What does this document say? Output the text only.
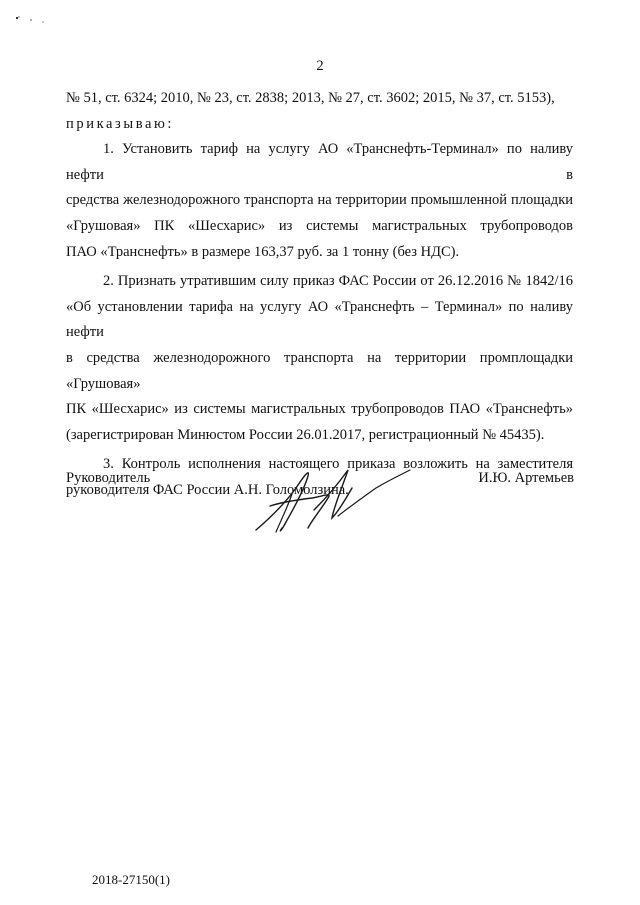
2

№ 51, ст. 6324; 2010, № 23, ст. 2838; 2013, № 27, ст. 3602; 2015, № 37, ст. 5153),

приказываю:

1. Установить тариф на услугу АО «Транснефть-Терминал» по наливу нефти в

средства железнодорожного транспорта на территории промышленной площадки

«Грушовая» ПК «Шесхарис» из системы магистральных трубопроводов

ПАО «Транснефть» в размере 163,37 руб. за 1 тонну (без НДС).

2. Признать утратившим силу приказ ФАС России от 26.12.2016 № 1842/16

«Об установлении тарифа на услугу АО «Транснефть – Терминал» по наливу нефти

в средства железнодорожного транспорта на территории промплощадки «Грушовая»

ПК «Шесхарис» из системы магистральных трубопроводов ПАО «Транснефть»

(зарегистрирован Минюстом России 26.01.2017, регистрационный № 45435).

3. Контроль исполнения настоящего приказа возложить на заместителя

руководителя ФАС России А.Н. Голомолзина.

Руководитель	И.Ю. Артемьев
2018-27150(1)
